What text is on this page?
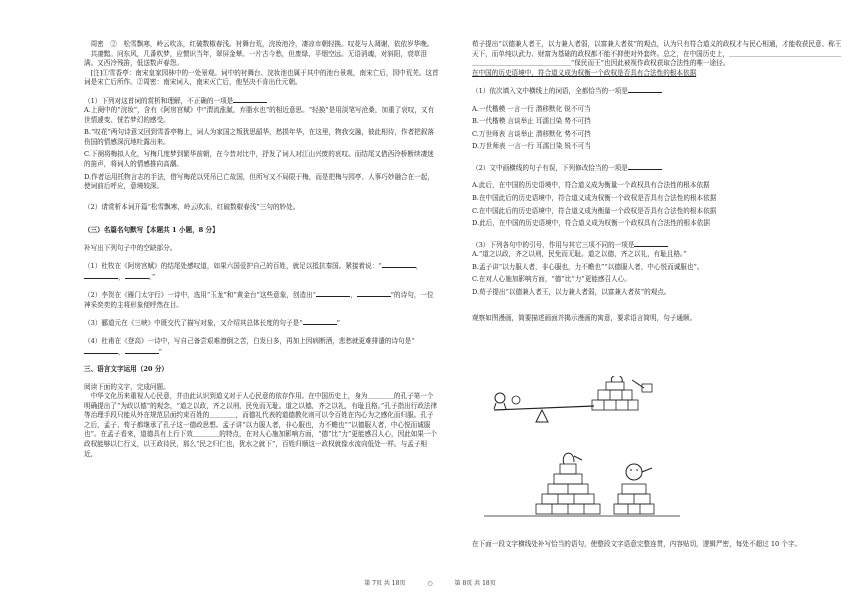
　周密　②　松雪飘寒，岭云吹冻，红破数椒春浅。衬舞台荒，浣妆池冷，凄凉市朝轻换。叹花与人凋谢，依依岁华晚。

　共凄黯。问东风，几番吹梦，应惯识当年，翠屏金辇。一片古今愁，但废绿、平烟空远。无语消魂，对斜阳，衰草泪满。又西冷残笛，低送数声春怨。

　[注]①雪香亭：南宋皇家园林中的一处景观。词中的衬舞台、浣妆池也属于其中的池台景观，南宋亡后，园中荒芜。这首词是宋亡后所作。②周密：南宋词人，南宋灭亡后，他坚决不肯出仕元朝。

（1）下列对这首词的赏析和理解，不正确的一项是

A.上阕中的“浣妆”，含有《阿房宫赋》中“渭流涨腻，弃脂水也”的相近意思。“轻换”是用淡笔写沧桑，加重了哀叹，又有世情遽变、恍若梦幻的感受。

B.“叹花”两句诗意又回到雪香亭梅上，词人为家国之叛犹思韶华，愁损年华，在这里，物我交融，彼此相待，作者把叙落伤国的情感深沉地吐露出来。

C.下阕将梅拟人化，写梅几度梦到繁华前朝，在今昔对比中，抒发了词人对江山兴废的哀叹。而结尾又借西泠桥断续凄迷的笛声，将词人的情感推向高潮。

D.作者运用托物言志的手法，借写梅花以凭吊已亡故国，但所写又不局限于梅，而是把梅与园亭、人事巧妙融合在一起，使词前后呼应，意境较深。

（2）请赏析本词开篇“松雪飘寒，岭云吹冻，红破数椒春浅”三句的妙处。

（三）名篇名句默写【本题共 1 小题，8 分】

补写出下列句子中的空缺部分。

（1）杜牧在《阿房宫赋》的结尾处感叹道，如果六国爱护自己的百姓，就足以抵抗秦国。紧接着说：“	，，	。”

（2）李贺在《雁门太守行》一诗中，选用“玉龙”和“黄金台”这些意象，创造出“	，	”的诗句，一位神采奕奕的主将形象便呼然在目。

（3）郦道元在《三峡》中既交代了描写对象，又介绍其总体长度的句子是“	”

（4）杜甫在《登高》一诗中，写自己备尝艰难潦倒之苦，白发日多，再加上因病断酒，悲愁就更难排遣的诗句是“，	”

三、语言文字运用（20 分）

阅读下面的文字，完成问题。

　中华文化历来重视人心民意，并由此认识到道义对于人心民意的依存作用。在中国历史上，身为＿＿＿＿的孔子第一个明确提出了“为政以德”的观念，“道之以政，齐之以刑，民免而无耻。道之以德，齐之以礼，有耻且格。”孔子指出行政法律等治理手段只能从外在规范层面约束百姓的＿＿＿＿，而德礼代表的道德教化则可以令百姓在内心为之感化而归服。孔子之后，孟子、荀子都继承了孔子这一德政思想。孟子讲“以力服人者，非心服也，力不赡也”“以德服人者，中心悦而诚服也”。在孟子看来，道德具有上行下效＿＿＿＿的特点，在对人心施加影响方面，“德”比“力”更能感召人心，因此如果一个政权能够以仁行义，以王政待民，那么“民之归仁也，犹水之就下”，百姓归顺这一政权就像水流向低处一样。与孟子相近，

荀子提出“以德兼人者王，以力兼人者弱，以富兼人者贫”的观点，认为只有符合道义的政权才与民心相通，才能收获民意、称王天下，而单纯以武力、财富为基础的政权都不能不抑使对外套终。总之，在中国历史上，＿＿＿＿＿＿＿＿＿＿＿＿＿＿＿＿＿＿＿＿＿＿＿＿＿＿＿＿＿＿＿＿“保民而王”也因此被视作政权获取合法性的唯一途径。

在中国的历史语境中，符合道义成为权衡一个政权是否具有合法性的根本依据

（1）依次填入文中横线上的词语，全都恰当的一项是

A.一代楷模 一言一行 潜移默化 锐不可当

B.一代楷模 言谈举止 耳濡目染 势不可挡

C.万世师表 言谈举止 潜移默化 势不可挡

D.万世师表 一言一行 耳濡目染 锐不可当

（2）文中画横线的句子有误，下列修改恰当的一项是

A.此后，在中国的历史语境中，符合道义成为衡量一个政权具有合法性的根本依据

B.在中国此后的历史语境中，符合道义成为权衡一个政权是否具有合法性的根本依据

C.在中国此后的历史语境中，符合道义成为衡量一个政权是否具有合法性的根本依据

D.此后，在中国的历史语境中，符合道义成为权衡一个政权具有合法性的根本依据

（3）下列各句中的引号，作用与其它三项不同的一项是

A.“道之以政，齐之以刑，民免而无耻。道之以德，齐之以礼，有耻且格。”

B.孟子讲“以力服人者，非心服也，力不赡也”“以德服人者，中心悦而诚服也”。

C.在对人心施加影响方面，“德”比“力”更能感召人心。

D.荀子提出“以德兼人者王，以力兼人者弱，以富兼人者贫”的观点。

观察如图漫画，简要描述画面并揭示漫画的寓意，要求语言简明，句子通顺。

在下面一段文字横线处补写恰当的语句，使整段文字语意完整连贯，内容贴切，逻辑严密，每处不超过 10 个字。

第 7页 共 18页	○	第 8页 共 18页
